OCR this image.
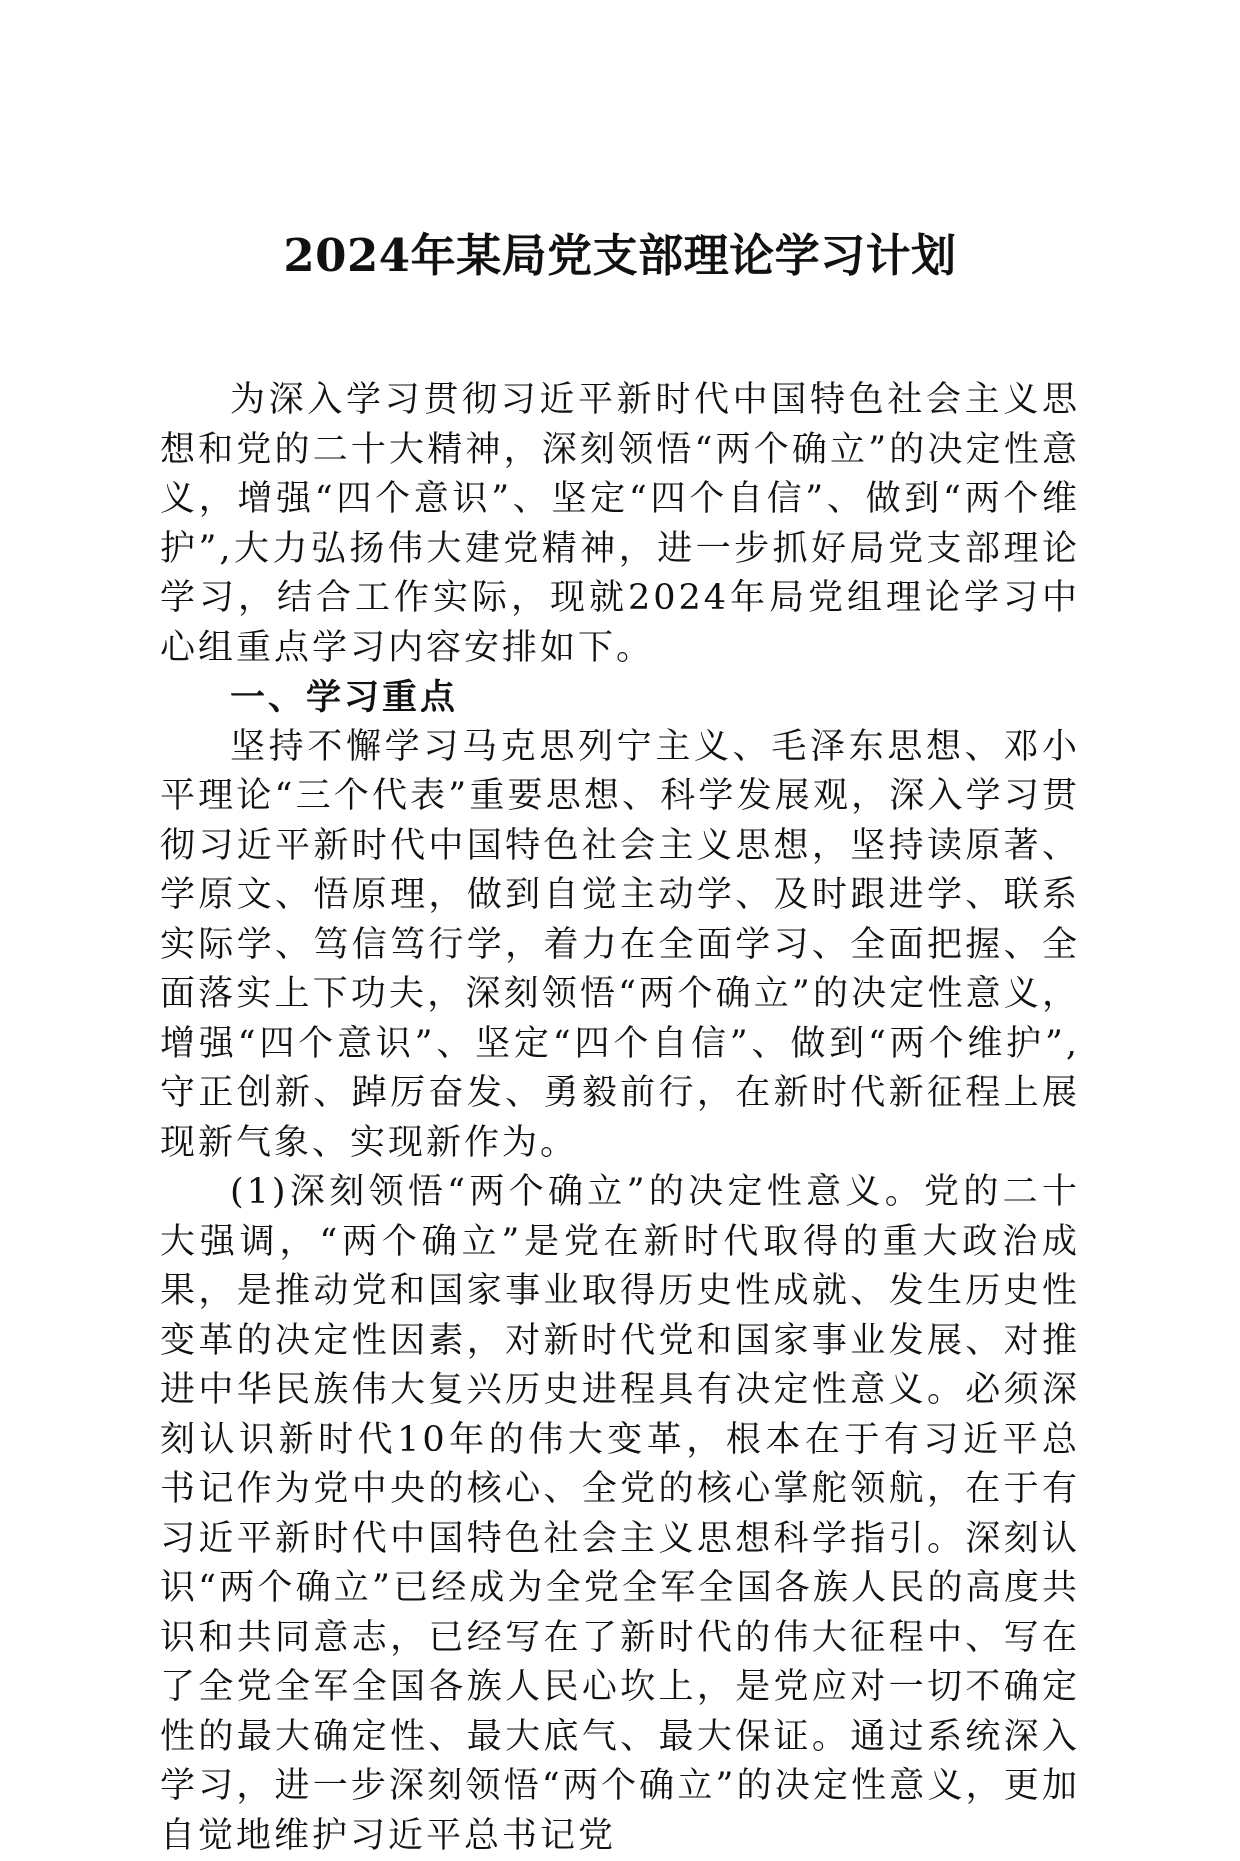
2024年某局党支部理论学习计划

为深入学习贯彻习近平新时代中国特色社会主义思想和党的二十大精神，深刻领悟“两个确立”的决定性意义，增强“四个意识”、坚定“四个自信”、做到“两个维护”,大力弘扬伟大建党精神，进一步抓好局党支部理论学习，结合工作实际，现就2024年局党组理论学习中心组重点学习内容安排如下。

一、学习重点

坚持不懈学习马克思列宁主义、毛泽东思想、邓小平理论“三个代表”重要思想、科学发展观，深入学习贯彻习近平新时代中国特色社会主义思想，坚持读原著、学原文、悟原理，做到自觉主动学、及时跟进学、联系实际学、笃信笃行学，着力在全面学习、全面把握、全面落实上下功夫，深刻领悟“两个确立”的决定性意义，增强“四个意识”、坚定“四个自信”、做到“两个维护”,守正创新、踔厉奋发、勇毅前行，在新时代新征程上展现新气象、实现新作为。

(1)深刻领悟“两个确立”的决定性意义。党的二十大强调，“两个确立”是党在新时代取得的重大政治成果，是推动党和国家事业取得历史性成就、发生历史性变革的决定性因素，对新时代党和国家事业发展、对推进中华民族伟大复兴历史进程具有决定性意义。必须深刻认识新时代10年的伟大变革，根本在于有习近平总书记作为党中央的核心、全党的核心掌舵领航，在于有习近平新时代中国特色社会主义思想科学指引。深刻认识“两个确立”已经成为全党全军全国各族人民的高度共识和共同意志，已经写在了新时代的伟大征程中、写在了全党全军全国各族人民心坎上，是党应对一切不确定性的最大确定性、最大底气、最大保证。通过系统深入学习，进一步深刻领悟“两个确立”的决定性意义，更加自觉地维护习近平总书记党
